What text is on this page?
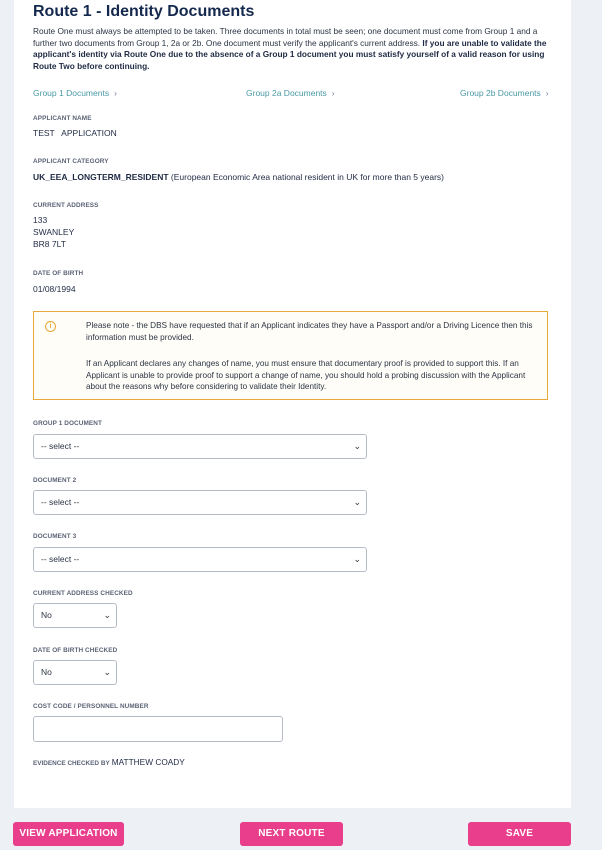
Route 1 - Identity Documents
Route One must always be attempted to be taken. Three documents in total must be seen; one document must come from Group 1 and a further two documents from Group 1, 2a or 2b. One document must verify the applicant's current address. If you are unable to validate the applicant's identity via Route One due to the absence of a Group 1 document you must satisfy yourself of a valid reason for using Route Two before continuing.
Group 1 Documents ›	Group 2a Documents ›	Group 2b Documents ›
APPLICANT NAME
TEST   APPLICATION
APPLICANT CATEGORY
UK_EEA_LONGTERM_RESIDENT (European Economic Area national resident in UK for more than 5 years)
CURRENT ADDRESS
133
SWANLEY
BR8 7LT
DATE OF BIRTH
01/08/1994
i	Please note - the DBS have requested that if an Applicant indicates they have a Passport and/or a Driving Licence then this information must be provided.

If an Applicant declares any changes of name, you must ensure that documentary proof is provided to support this. If an Applicant is unable to provide proof to support a change of name, you should hold a probing discussion with the Applicant about the reasons why before considering to validate their Identity.

GROUP 1 DOCUMENT
-- select --	⌄
DOCUMENT 2
-- select --	⌄
DOCUMENT 3
-- select --	⌄
CURRENT ADDRESS CHECKED
No	⌄
DATE OF BIRTH CHECKED
No	⌄
COST CODE / PERSONNEL NUMBER
EVIDENCE CHECKED BY MATTHEW COADY
VIEW APPLICATION	NEXT ROUTE	SAVE
